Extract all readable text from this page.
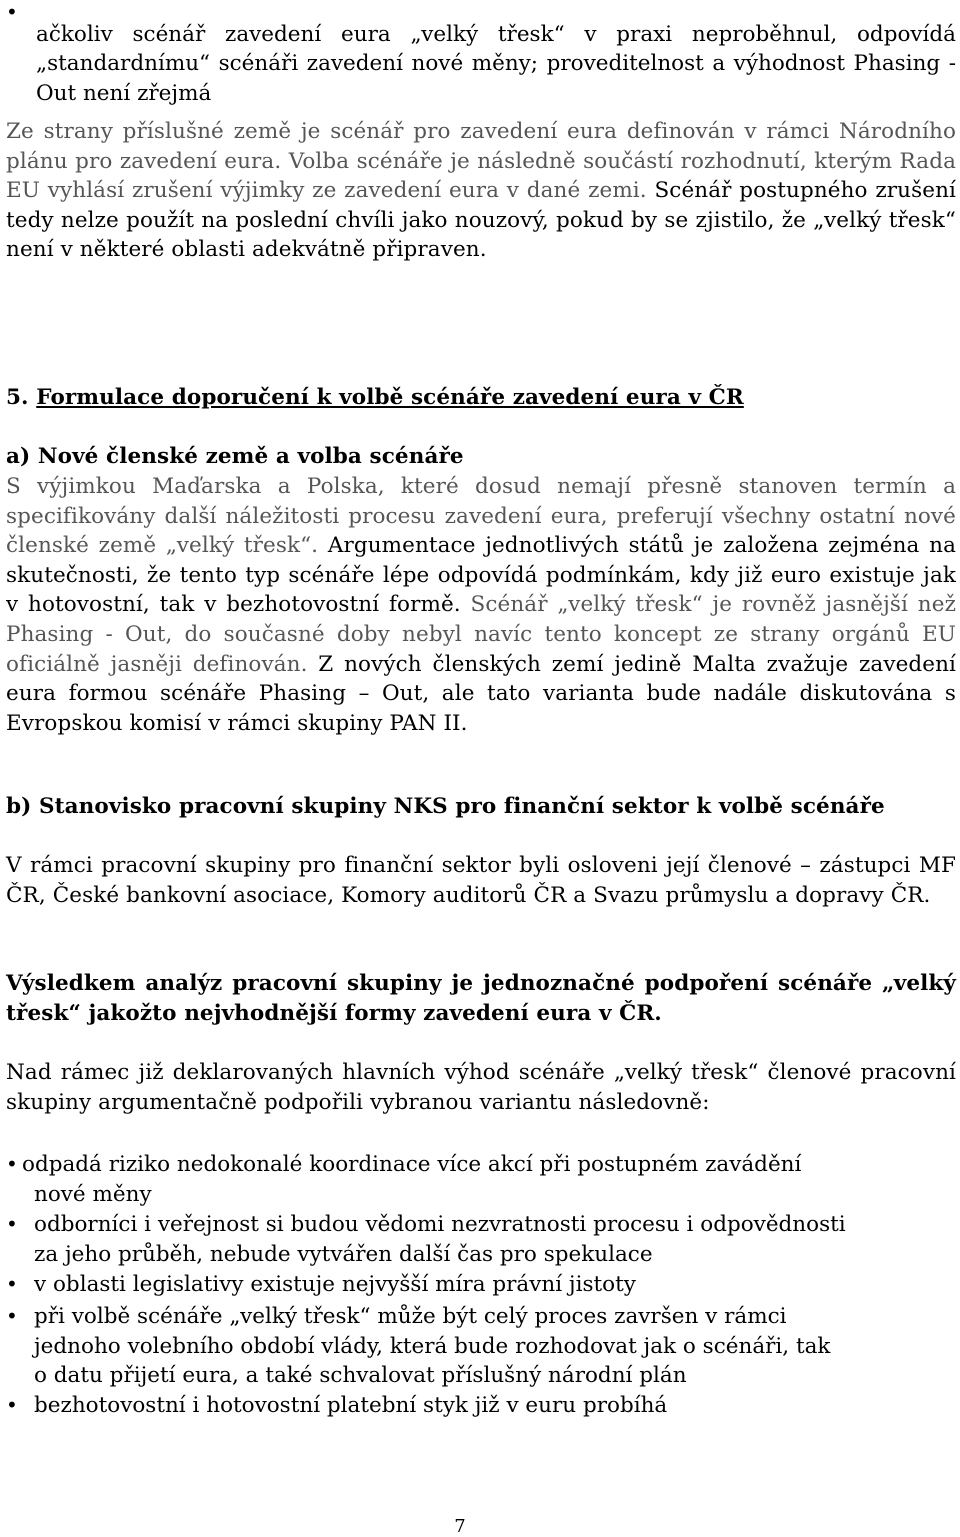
•

ačkoliv scénář zavedení eura „velký třesk“ v praxi neproběhnul, odpovídá „standardnímu“ scénáři zavedení nové měny; proveditelnost a výhodnost Phasing - Out není zřejmá

Ze strany příslušné země je scénář pro zavedení eura definován v rámci Národního plánu pro zavedení eura. Volba scénáře je následně součástí rozhodnutí, kterým Rada EU vyhlásí zrušení výjimky ze zavedení eura v dané zemi. Scénář postupného zrušení tedy nelze použít na poslední chvíli jako nouzový, pokud by se zjistilo, že „velký třesk“ není v některé oblasti adekvátně připraven.

5. Formulace doporučení k volbě scénáře zavedení eura v ČR

a) Nové členské země a volba scénáře

S výjimkou Maďarska a Polska, které dosud nemají přesně stanoven termín a specifikovány další náležitosti procesu zavedení eura, preferují všechny ostatní nové členské země „velký třesk“. Argumentace jednotlivých států je založena zejména na skutečnosti, že tento typ scénáře lépe odpovídá podmínkám, kdy již euro existuje jak v hotovostní, tak v bezhotovostní formě. Scénář „velký třesk“ je rovněž jasnější než Phasing - Out, do současné doby nebyl navíc tento koncept ze strany orgánů EU oficiálně jasněji definován. Z nových členských zemí jedině Malta zvažuje zavedení eura formou scénáře Phasing – Out, ale tato varianta bude nadále diskutována s Evropskou komisí v rámci skupiny PAN II.

b) Stanovisko pracovní skupiny NKS pro finanční sektor k volbě scénáře

V rámci pracovní skupiny pro finanční sektor byli osloveni její členové – zástupci MF ČR, České bankovní asociace, Komory auditorů ČR a Svazu průmyslu a dopravy ČR.

Výsledkem analýz pracovní skupiny je jednoznačné podpoření scénáře „velký třesk“ jakožto nejvhodnější formy zavedení eura v ČR.

Nad rámec již deklarovaných hlavních výhod scénáře „velký třesk“ členové pracovní skupiny argumentačně podpořili vybranou variantu následovně:

• odpadá riziko nedokonalé koordinace více akcí při postupném zavádění
nové měny
• odborníci i veřejnost si budou vědomi nezvratnosti procesu i odpovědnosti
za jeho průběh, nebude vytvářen další čas pro spekulace
• v oblasti legislativy existuje nejvyšší míra právní jistoty
• při volbě scénáře „velký třesk“ může být celý proces završen v rámci
jednoho volebního období vlády, která bude rozhodovat jak o scénáři, tak
o datu přijetí eura, a také schvalovat příslušný národní plán
• bezhotovostní i hotovostní platební styk již v euru probíhá
7
